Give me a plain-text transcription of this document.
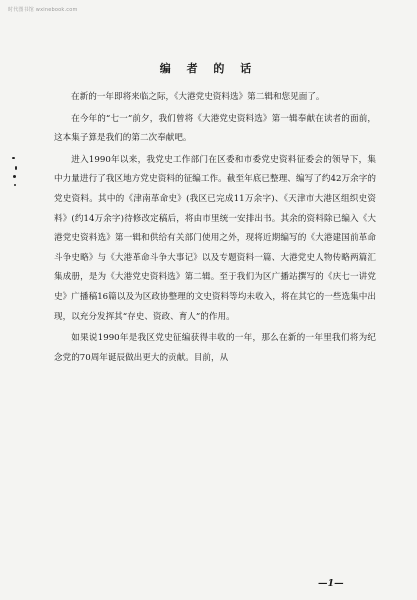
时代图书馆 wxinebook.com
编 者 的 话

在新的一年即将来临之际，《大港党史资料选》第二辑和您见面了。

在今年的“七一”前夕，我们曾将《大港党史资料选》第一辑奉献在读者的面前，这本集子算是我们的第二次奉献吧。

进入1990年以来，我党史工作部门在区委和市委党史资料征委会的领导下，集中力量进行了我区地方党史资料的征编工作。截至年底已整理、编写了约42万余字的党史资料。其中的《津南革命史》(我区已完成11万余字)、《天津市大港区组织史资料》(约14万余字)待修改定稿后，将由市里统一安排出书。其余的资料除已编入《大港党史资料选》第一辑和供给有关部门使用之外，现将近期编写的《大港建国前革命斗争史略》与《大港革命斗争大事记》以及专题资料一篇、大港党史人物传略两篇汇集成册，是为《大港党史资料选》第二辑。至于我们为区广播站撰写的《庆七一讲党史》广播稿16篇以及为区政协整理的文史资料等均未收入，将在其它的一些选集中出现，以充分发挥其“存史、资政、育人”的作用。

如果说1990年是我区党史征编获得丰收的一年，那么在新的一年里我们将为纪念党的70周年诞辰做出更大的贡献。目前，从

—1—
